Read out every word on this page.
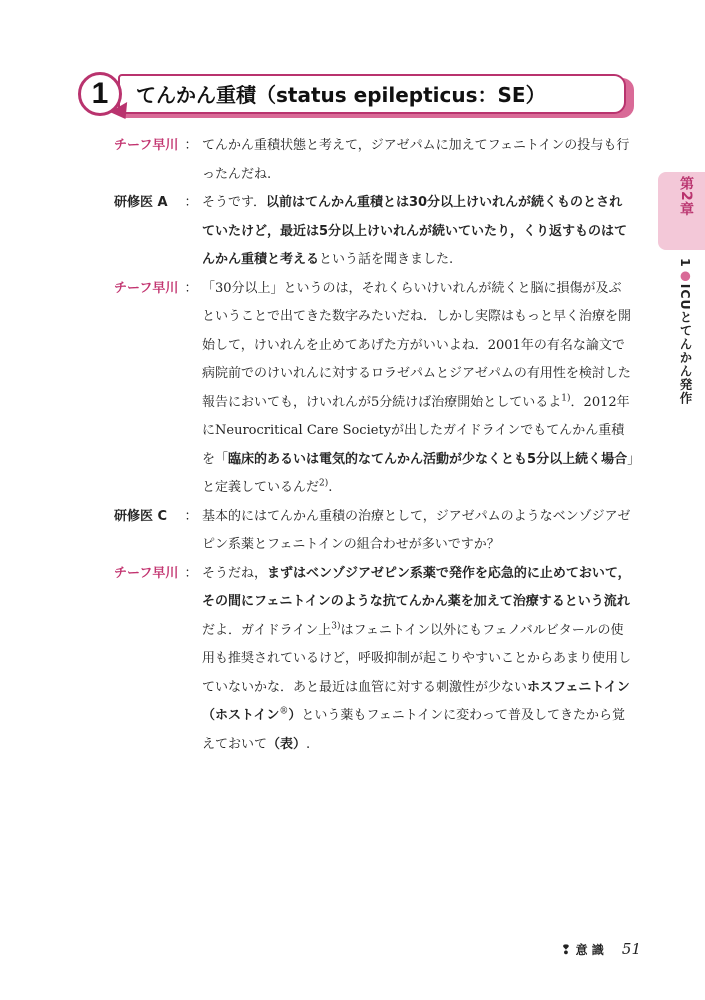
1	てんかん重積（status epilepticus：SE）
チーフ早川 ： てんかん重積状態と考えて，ジアゼパムに加えてフェニトインの投与も行ったんだね.
研修医 A	： そうです．以前はてんかん重積とは30分以上けいれんが続くものとされていたけど，最近は5分以上けいれんが続いていたり，くり返すものはてんかん重積と考えるという話を聞きました.
チーフ早川 ： 「30分以上」というのは，それくらいけいれんが続くと脳に損傷が及ぶということで出てきた数字みたいだね．しかし実際はもっと早く治療を開始して，けいれんを止めてあげた方がいいよね．2001年の有名な論文で病院前でのけいれんに対するロラゼパムとジアゼパムの有用性を検討した報告においても，けいれんが5分続けば治療開始としているよ$^{1)}$．2012年にNeurocritical Care Societyが出したガイドラインでもてんかん重積を「臨床的あるいは電気的なてんかん活動が少なくとも5分以上続く場合」と定義しているんだ$^{2)}$.
研修医 C	： 基本的にはてんかん重積の治療として，ジアゼパムのようなベンゾジアゼピン系薬とフェニトインの組合わせが多いですか？
チーフ早川 ： そうだね，まずはベンゾジアゼピン系薬で発作を応急的に止めておいて，その間にフェニトインのような抗てんかん薬を加えて治療するという流れだよ．ガイドライン上$^{3)}$はフェニトイン以外にもフェノバルビタールの使用も推奨されているけど，呼吸抑制が起こりやすいことからあまり使用していないかな．あと最近は血管に対する刺激性が少ないホスフェニトイン（ホストイン®）という薬もフェニトインに変わって普及してきたから覚えておいて（表）.
第2章
1●ICUとてんかん発作
❢ 意 識 51
